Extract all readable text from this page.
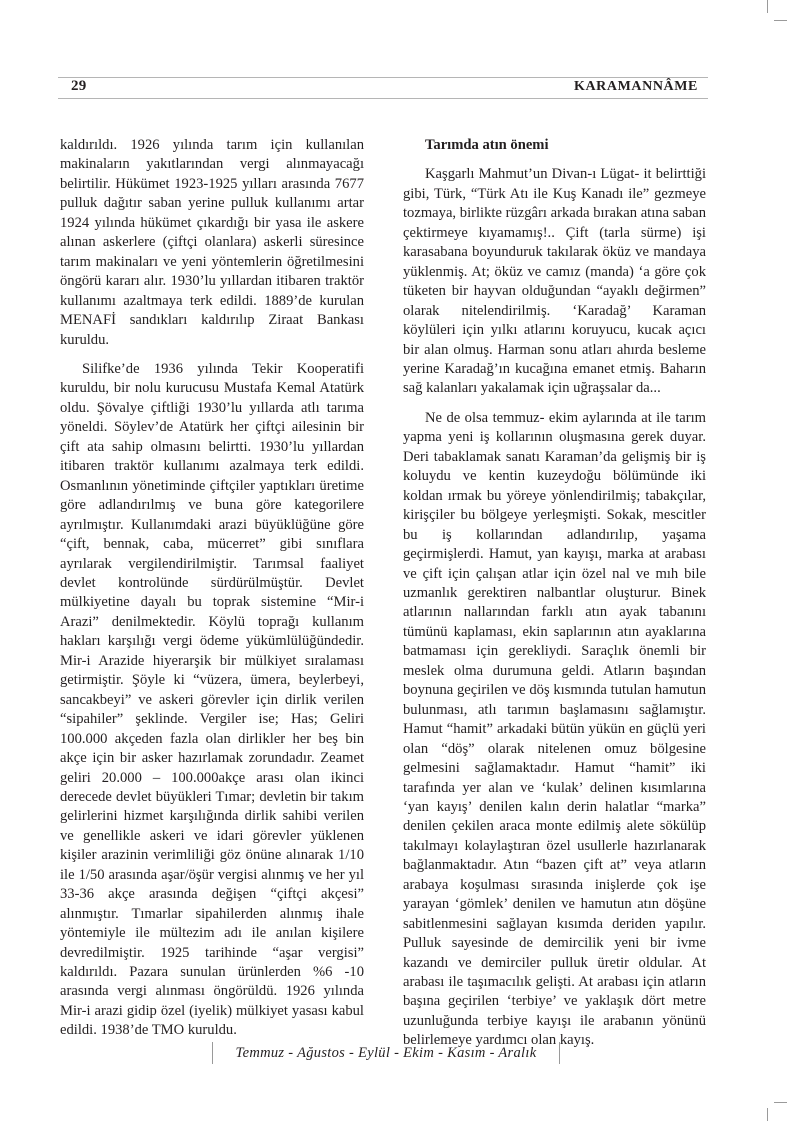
29	KARAMANNÂME

kaldırıldı. 1926 yılında tarım için kullanılan makinaların yakıtlarından vergi alınmayacağı belirtilir. Hükümet 1923-1925 yılları arasında 7677 pulluk dağıtır saban yerine pulluk kullanımı artar 1924 yılında hükümet çıkardığı bir yasa ile askere alınan askerlere (çiftçi olanlara) askerli süresince tarım makinaları ve yeni yöntemlerin öğretilmesini öngörü kararı alır. 1930’lu yıllardan itibaren traktör kullanımı azaltmaya terk edildi. 1889’de kurulan MENAFİ sandıkları kaldırılıp Ziraat Bankası kuruldu.

Silifke’de 1936 yılında Tekir Kooperatifi kuruldu, bir nolu kurucusu Mustafa Kemal Atatürk oldu. Şövalye çiftliği 1930’lu yıllarda atlı tarıma yöneldi. Söylev’de Atatürk her çiftçi ailesinin bir çift ata sahip olmasını belirtti. 1930’lu yıllardan itibaren traktör kullanımı azalmaya terk edildi. Osmanlının yönetiminde çiftçiler yaptıkları üretime göre adlandırılmış ve buna göre kategorilere ayrılmıştır. Kullanımdaki arazi büyüklüğüne göre “çift, bennak, caba, mücerret” gibi sınıflara ayrılarak vergilendirilmiştir. Tarımsal faaliyet devlet kontrolünde sürdürülmüştür. Devlet mülkiyetine dayalı bu toprak sistemine “Mir-i Arazi” denilmektedir. Köylü toprağı kullanım hakları karşılığı vergi ödeme yükümlülüğündedir. Mir-i Arazide hiyerarşik bir mülkiyet sıralaması getirmiştir. Şöyle ki “vüzera, ümera, beylerbeyi, sancakbeyi” ve askeri görevler için dirlik verilen “sipahiler” şeklinde. Vergiler ise; Has; Geliri 100.000 akçeden fazla olan dirlikler her beş bin akçe için bir asker hazırlamak zorundadır. Zeamet geliri 20.000 – 100.000akçe arası olan ikinci derecede devlet büyükleri Tımar; devletin bir takım gelirlerini hizmet karşılığında dirlik sahibi verilen ve genellikle askeri ve idari görevler yüklenen kişiler arazinin verimliliği göz önüne alınarak 1/10 ile 1/50 arasında aşar/öşür vergisi alınmış ve her yıl 33-36 akçe arasında değişen “çiftçi akçesi” alınmıştır. Tımarlar sipahilerden alınmış ihale yöntemiyle ile mültezim adı ile anılan kişilere devredilmiştir. 1925 tarihinde “aşar vergisi” kaldırıldı. Pazara sunulan ürünlerden %6 -10 arasında vergi alınması öngörüldü. 1926 yılında Mir-i arazi gidip özel (iyelik) mülkiyet yasası kabul edildi. 1938’de TMO kuruldu.

Tarımda atın önemi

Kaşgarlı Mahmut’un Divan-ı Lügat- it belirttiği gibi, Türk, “Türk Atı ile Kuş Kanadı ile” gezmeye tozmaya, birlikte rüzgârı arkada bırakan atına saban çektirmeye kıyamamış!.. Çift (tarla sürme) işi karasabana boyunduruk takılarak öküz ve mandaya yüklenmiş. At; öküz ve camız (manda) ‘a göre çok tüketen bir hayvan olduğundan “ayaklı değirmen” olarak nitelendirilmiş. ‘Karadağ’ Karaman köylüleri için yılkı atlarını koruyucu, kucak açıcı bir alan olmuş. Harman sonu atları ahırda besleme yerine Karadağ’ın kucağına emanet etmiş. Baharın sağ kalanları yakalamak için uğraşsalar da...

Ne de olsa temmuz- ekim aylarında at ile tarım yapma yeni iş kollarının oluşmasına gerek duyar. Deri tabaklamak sanatı Karaman’da gelişmiş bir iş koluydu ve kentin kuzeydoğu bölümünde iki koldan ırmak bu yöreye yönlendirilmiş; tabakçılar, kirişçiler bu bölgeye yerleşmişti. Sokak, mescitler bu iş kollarından adlandırılıp, yaşama geçirmişlerdi. Hamut, yan kayışı, marka at arabası ve çift için çalışan atlar için özel nal ve mıh bile uzmanlık gerektiren nalbantlar oluşturur. Binek atlarının nallarından farklı atın ayak tabanını tümünü kaplaması, ekin saplarının atın ayaklarına batmaması için gerekliydi. Saraçlık önemli bir meslek olma durumuna geldi. Atların başından boynuna geçirilen ve döş kısmında tutulan hamutun bulunması, atlı tarımın başlamasını sağlamıştır. Hamut “hamit” arkadaki bütün yükün en güçlü yeri olan “döş” olarak nitelenen omuz bölgesine gelmesini sağlamaktadır. Hamut “hamit” iki tarafında yer alan ve ‘kulak’ delinen kısımlarına ‘yan kayış’ denilen kalın derin halatlar “marka” denilen çekilen araca monte edilmiş alete sökülüp takılmayı kolaylaştıran özel usullerle hazırlanarak bağlanmaktadır. Atın “bazen çift at” veya atların arabaya koşulması sırasında inişlerde çok işe yarayan ‘gömlek’ denilen ve hamutun atın döşüne sabitlenmesini sağlayan kısımda deriden yapılır. Pulluk sayesinde de demircilik yeni bir ivme kazandı ve demirciler pulluk üretir oldular. At arabası ile taşımacılık gelişti. At arabası için atların başına geçirilen ‘terbiye’ ve yaklaşık dört metre uzunluğunda terbiye kayışı ile arabanın yönünü belirlemeye yardımcı olan kayış.

Temmuz - Ağustos - Eylül - Ekim - Kasım - Aralık
